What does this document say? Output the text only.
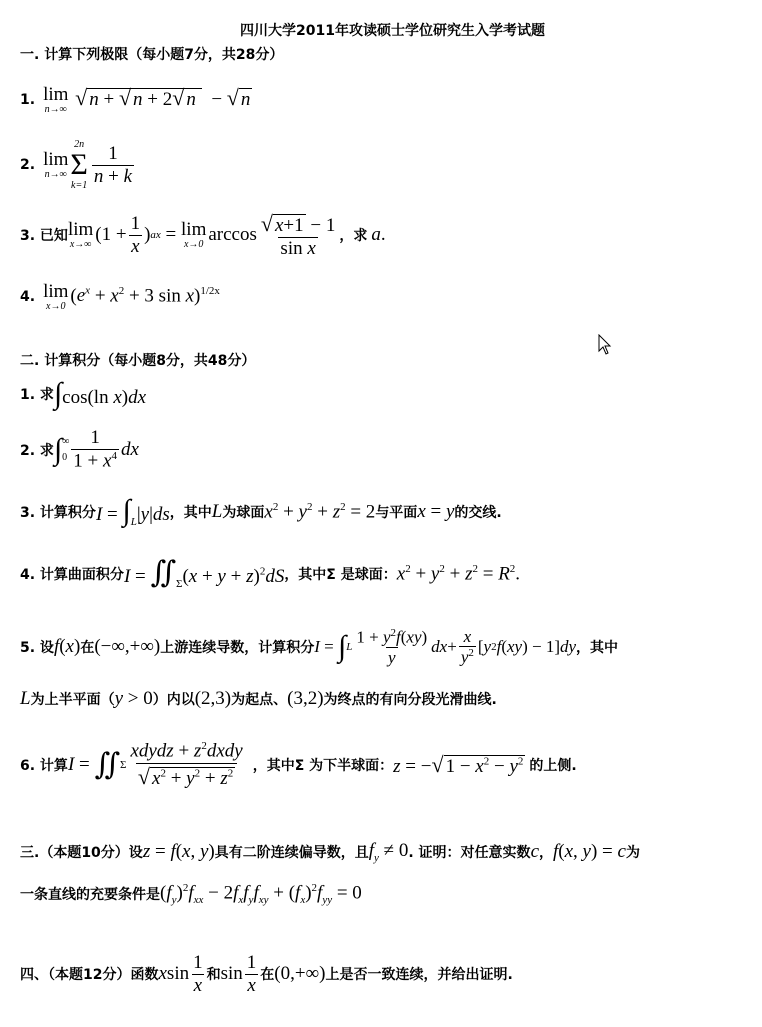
四川大学2011年攻读硕士学位研究生入学考试题
一. 计算下列极限（每小题7分，共28分）
1. lim
n→∞
√ n + √ n + 2√ n  − √ n
2. lim
n→∞
2n
Σ
$k=1 \frac{1}{n + k}$
3. 已知 lim
x→∞ ($1 + \frac{1}{x}$ ) ax = lim
x→0 $\arccos \frac{√ x+1 - 1}{\text{sin x}}$ ，求 a .
4. lim
x→0
($e^x + x^2 + 3$ sin x)$^{1/2x}$
二. 计算积分（每小题8分，共48分）
1. 求 ∫cos(ln x)dx
2. 求 ∫ ∞
$0 \frac{1}{1 + x^4}$ dx
3. 计算积分 $I = \int_L|y|ds$ ，其中 L 为球面 $x^2 + y^2 + z^2 = 2$ 与平面 x = y 的交线.
4. 计算曲面积分 $I = ∬_\Sigma(x + y + z)^2dS$ ，其中Σ 是球面： $x^2 + y^2 + z^2 = R^2$.
5. 设 f(x) 在 (−∞,+∞) 上游连续导数，计算积分 I = ∫ L $\frac{1 + y^2f(xy)}{y}$ dx + $\frac{x}{y^2}$ [ y 2 f ( xy ) − 1] dy ，其中
L 为上半平面（ y > 0 ）内以 (2,3) 为起点、 (3,2) 为终点的有向分段光滑曲线.
6. 计算 I = ∬ Σ $\frac{xdydz + z^2dxdy}{√ x^2 + y^2 + z^2}$ ，其中Σ 为下半球面： z = −√ $1 - x^2 - y^2$ 的上侧.
三.（本题10分）设 z = f(x, y) 具有二阶连续偏导数，且 $f_y \ne 0$ . 证明：对任意实数 c ， f(x, y) = c 为
一条直线的充要条件是 $(f_y)^2f_{xx} - 2f_xf_yf_{xy} + (f_x)^2f_{yy} = 0$
四、（本题12分）函数 x $\sin \frac{1}{x}$ 和 $\sin \frac{1}{x}$ 在 (0,+∞) 上是否一致连续，并给出证明.
